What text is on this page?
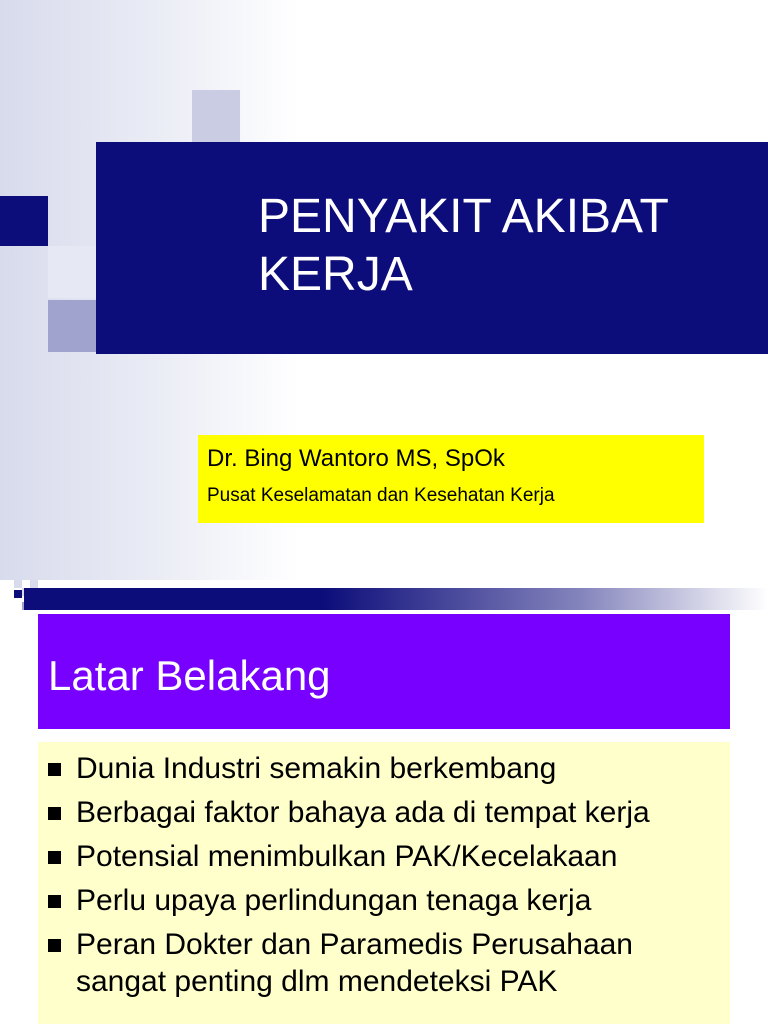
PENYAKIT AKIBAT
KERJA
Dr. Bing Wantoro MS, SpOk
Pusat Keselamatan dan Kesehatan Kerja
Latar Belakang
Dunia Industri semakin berkembang
Berbagai faktor bahaya ada di tempat kerja
Potensial menimbulkan PAK/Kecelakaan
Perlu upaya perlindungan tenaga kerja
Peran Dokter dan Paramedis Perusahaan sangat penting dlm mendeteksi PAK
